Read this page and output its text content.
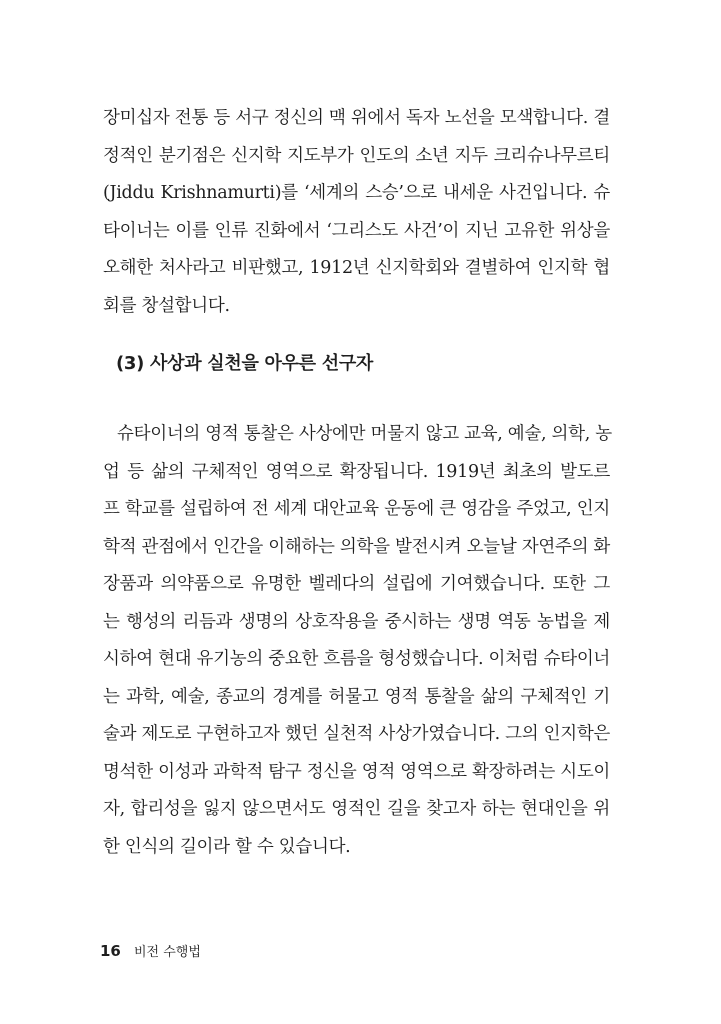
장미십자 전통 등 서구 정신의 맥 위에서 독자 노선을 모색합니다. 결
정적인 분기점은 신지학 지도부가 인도의 소년 지두 크리슈나무르티
(Jiddu Krishnamurti)를 ‘세계의 스승’으로 내세운 사건입니다. 슈
타이너는 이를 인류 진화에서 ‘그리스도 사건’이 지닌 고유한 위상을
오해한 처사라고 비판했고, 1912년 신지학회와 결별하여 인지학 협
회를 창설합니다.

(3) 사상과 실천을 아우른 선구자

슈타이너의 영적 통찰은 사상에만 머물지 않고 교육, 예술, 의학, 농
업 등 삶의 구체적인 영역으로 확장됩니다. 1919년 최초의 발도르
프 학교를 설립하여 전 세계 대안교육 운동에 큰 영감을 주었고, 인지
학적 관점에서 인간을 이해하는 의학을 발전시켜 오늘날 자연주의 화
장품과 의약품으로 유명한 벨레다의 설립에 기여했습니다. 또한 그
는 행성의 리듬과 생명의 상호작용을 중시하는 생명 역동 농법을 제
시하여 현대 유기농의 중요한 흐름을 형성했습니다. 이처럼 슈타이너
는 과학, 예술, 종교의 경계를 허물고 영적 통찰을 삶의 구체적인 기
술과 제도로 구현하고자 했던 실천적 사상가였습니다. 그의 인지학은
명석한 이성과 과학적 탐구 정신을 영적 영역으로 확장하려는 시도이
자, 합리성을 잃지 않으면서도 영적인 길을 찾고자 하는 현대인을 위
한 인식의 길이라 할 수 있습니다.

16 비전 수행법
